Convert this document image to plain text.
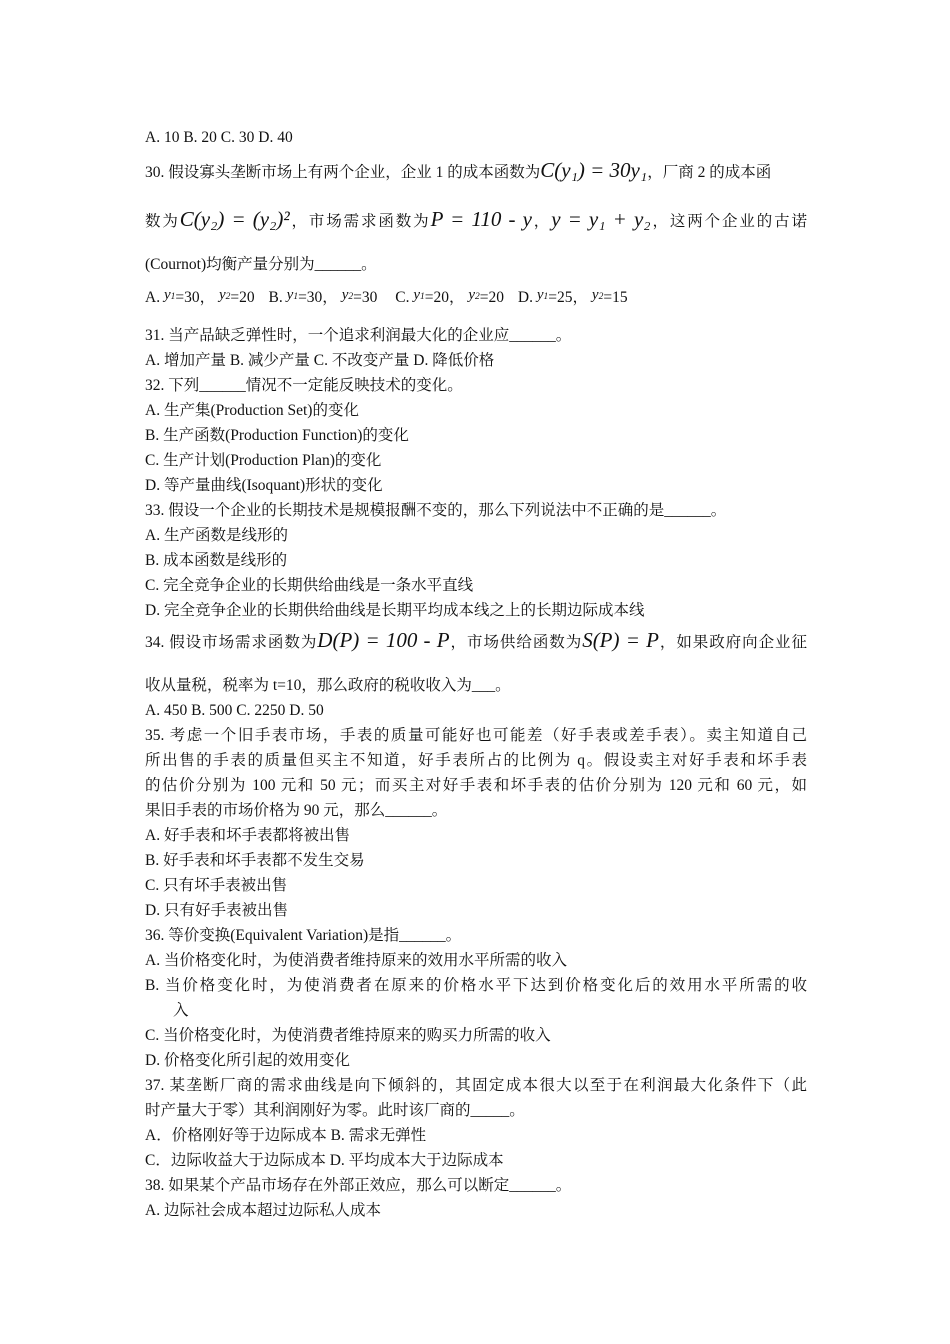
A. 10 B. 20 C. 30 D. 40
30. 假设寡头垄断市场上有两个企业，企业 1 的成本函数为C(y₁) = 30y₁，厂商 2 的成本函
数为C(y₂) = (y₂)²，市场需求函数为P = 110 - y，y = y₁ + y₂，这两个企业的古诺
(Cournot)均衡产量分别为______。
A. y1=30， y2=20 B. y1=30， y2=30 C. y1=20， y2=20 D. y1=25， y2=15
31. 当产品缺乏弹性时，一个追求利润最大化的企业应______。
A. 增加产量 B. 减少产量 C. 不改变产量 D. 降低价格
32. 下列______情况不一定能反映技术的变化。
A. 生产集(Production Set)的变化
B. 生产函数(Production Function)的变化
C. 生产计划(Production Plan)的变化
D. 等产量曲线(Isoquant)形状的变化
33. 假设一个企业的长期技术是规模报酬不变的，那么下列说法中不正确的是______。
A. 生产函数是线形的
B. 成本函数是线形的
C. 完全竞争企业的长期供给曲线是一条水平直线
D. 完全竞争企业的长期供给曲线是长期平均成本线之上的长期边际成本线
34. 假设市场需求函数为D(P) = 100 - P，市场供给函数为S(P) = P，如果政府向企业征
收从量税，税率为 t=10，那么政府的税收收入为___。
A. 450 B. 500 C. 2250 D. 50
35. 考虑一个旧手表市场，手表的质量可能好也可能差（好手表或差手表）。卖主知道自己
所出售的手表的质量但买主不知道，好手表所占的比例为 q。假设卖主对好手表和坏手表
的估价分别为 100 元和 50 元；而买主对好手表和坏手表的估价分别为 120 元和 60 元，如
果旧手表的市场价格为 90 元，那么______。
A. 好手表和坏手表都将被出售
B. 好手表和坏手表都不发生交易
C. 只有坏手表被出售
D. 只有好手表被出售
36. 等价变换(Equivalent Variation)是指______。
A. 当价格变化时，为使消费者维持原来的效用水平所需的收入
B. 当价格变化时，为使消费者在原来的价格水平下达到价格变化后的效用水平所需的收
入
C. 当价格变化时，为使消费者维持原来的购买力所需的收入
D. 价格变化所引起的效用变化
37. 某垄断厂商的需求曲线是向下倾斜的，其固定成本很大以至于在利润最大化条件下（此
时产量大于零）其利润刚好为零。此时该厂商的_____。
A．价格刚好等于边际成本 B. 需求无弹性
C．边际收益大于边际成本 D. 平均成本大于边际成本
38. 如果某个产品市场存在外部正效应，那么可以断定______。
A. 边际社会成本超过边际私人成本
